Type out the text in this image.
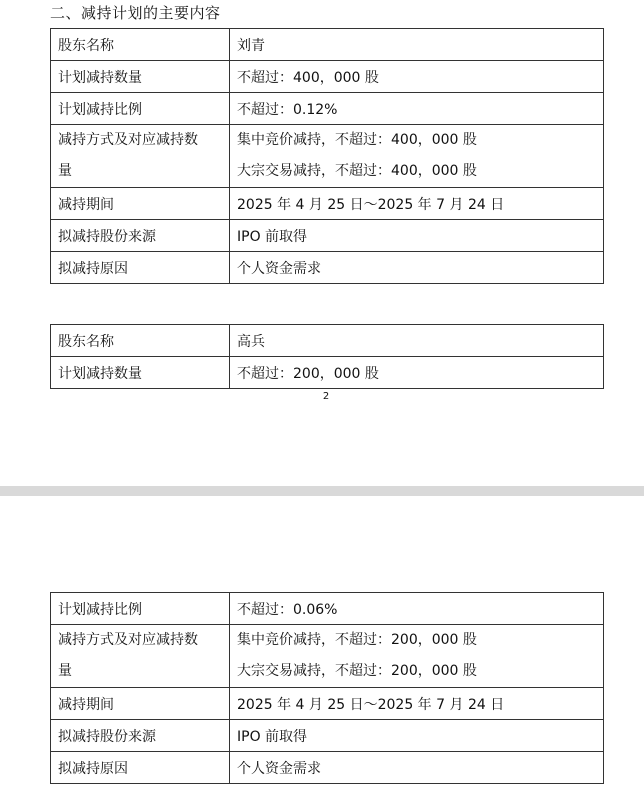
二、减持计划的主要内容
股东名称	刘青
计划减持数量	不超过：400，000 股
计划减持比例	不超过：0.12%

减持方式及对应减持数
量	集中竞价减持，不超过：400，000 股
大宗交易减持，不超过：400，000 股

减持期间	2025 年 4 月 25 日～2025 年 7 月 24 日
拟减持股份来源	IPO 前取得
拟减持原因	个人资金需求
股东名称	高兵
计划减持数量	不超过：200，000 股
2
计划减持比例	不超过：0.06%

减持方式及对应减持数
量	集中竞价减持，不超过：200，000 股
大宗交易减持，不超过：200，000 股

减持期间	2025 年 4 月 25 日～2025 年 7 月 24 日
拟减持股份来源	IPO 前取得
拟减持原因	个人资金需求
